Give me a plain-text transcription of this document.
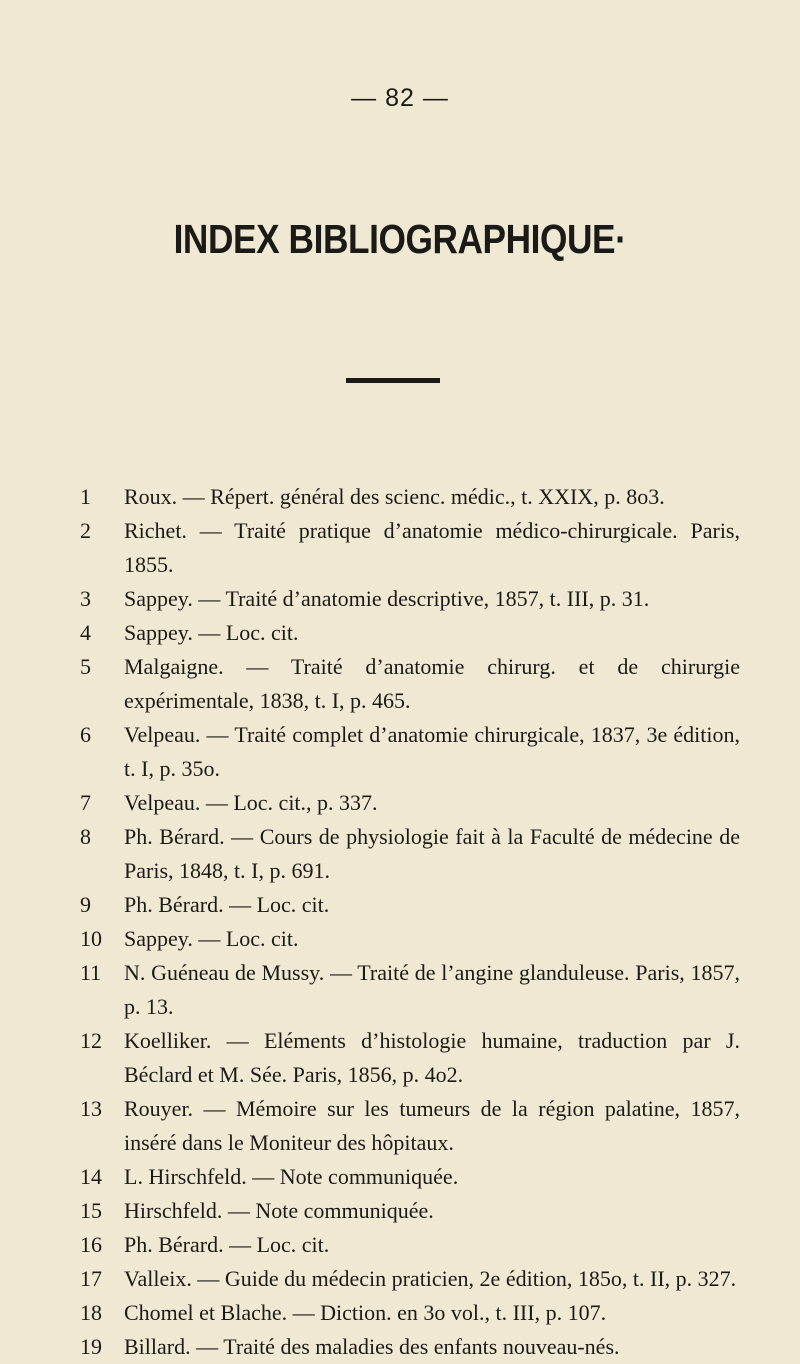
— 82 —
INDEX BIBLIOGRAPHIQUE·
1	Roux. — Répert. général des scienc. médic., t. XXIX, p. 8o3.
2	Richet. — Traité pratique d’anatomie médico-chirurgicale. Paris, 1855.
3	Sappey. — Traité d’anatomie descriptive, 1857, t. III, p. 31.
4	Sappey. — Loc. cit.
5	Malgaigne. — Traité d’anatomie chirurg. et de chirurgie expérimentale, 1838, t. I, p. 465.
6	Velpeau. — Traité complet d’anatomie chirurgicale, 1837, 3e édition, t. I, p. 35o.
7	Velpeau. — Loc. cit., p. 337.
8	Ph. Bérard. — Cours de physiologie fait à la Faculté de médecine de Paris, 1848, t. I, p. 691.
9	Ph. Bérard. — Loc. cit.
10	Sappey. — Loc. cit.
11	N. Guéneau de Mussy. — Traité de l’angine glanduleuse. Paris, 1857, p. 13.
12	Koelliker. — Eléments d’histologie humaine, traduction par J. Béclard et M. Sée. Paris, 1856, p. 4o2.
13	Rouyer. — Mémoire sur les tumeurs de la région palatine, 1857, inséré dans le Moniteur des hôpitaux.
14	L. Hirschfeld. — Note communiquée.
15	Hirschfeld. — Note communiquée.
16	Ph. Bérard. — Loc. cit.
17	Valleix. — Guide du médecin praticien, 2e édition, 185o, t. II, p. 327.
18	Chomel et Blache. — Diction. en 3o vol., t. III, p. 107.
19	Billard. — Traité des maladies des enfants nouveau-nés.
